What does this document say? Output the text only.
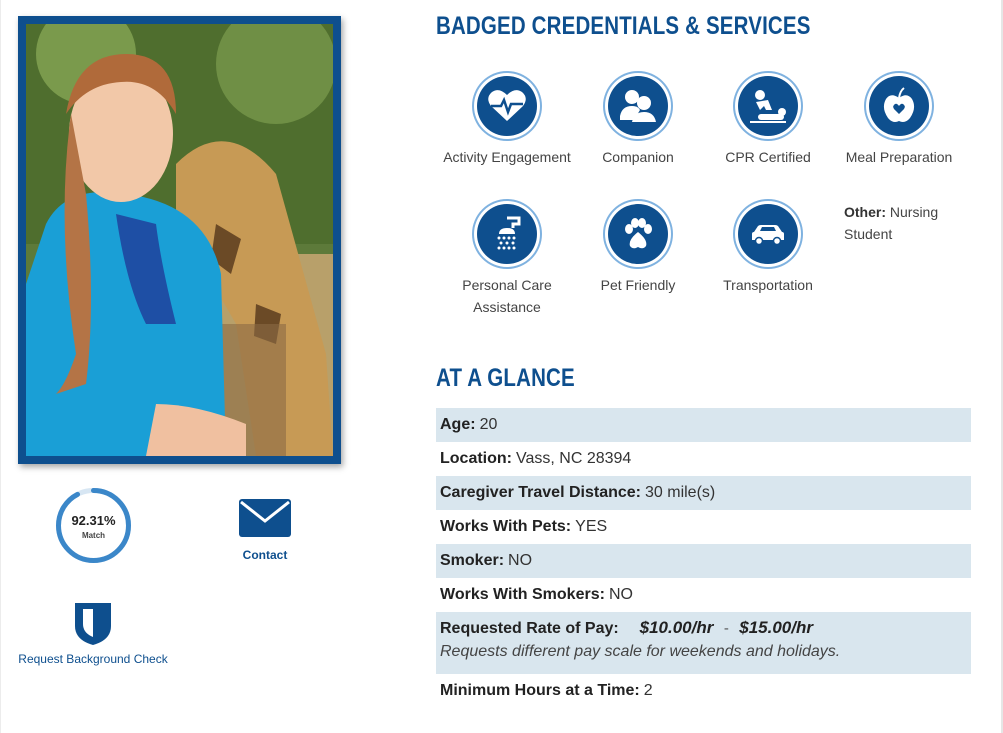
92.31%
Match
Contact
Request Background Check
BADGED CREDENTIALS & SERVICES
Activity Engagement	Companion	CPR Certified	Meal Preparation
Personal Care Assistance
Pet Friendly	Transportation
Other: Nursing Student
AT A GLANCE
Age: 20
Location: Vass, NC 28394
Caregiver Travel Distance: 30 mile(s)
Works With Pets: YES
Smoker: NO
Works With Smokers: NO
Requested Rate of Pay: $10.00/hr - $15.00/hr
Requests different pay scale for weekends and holidays.
Minimum Hours at a Time: 2
